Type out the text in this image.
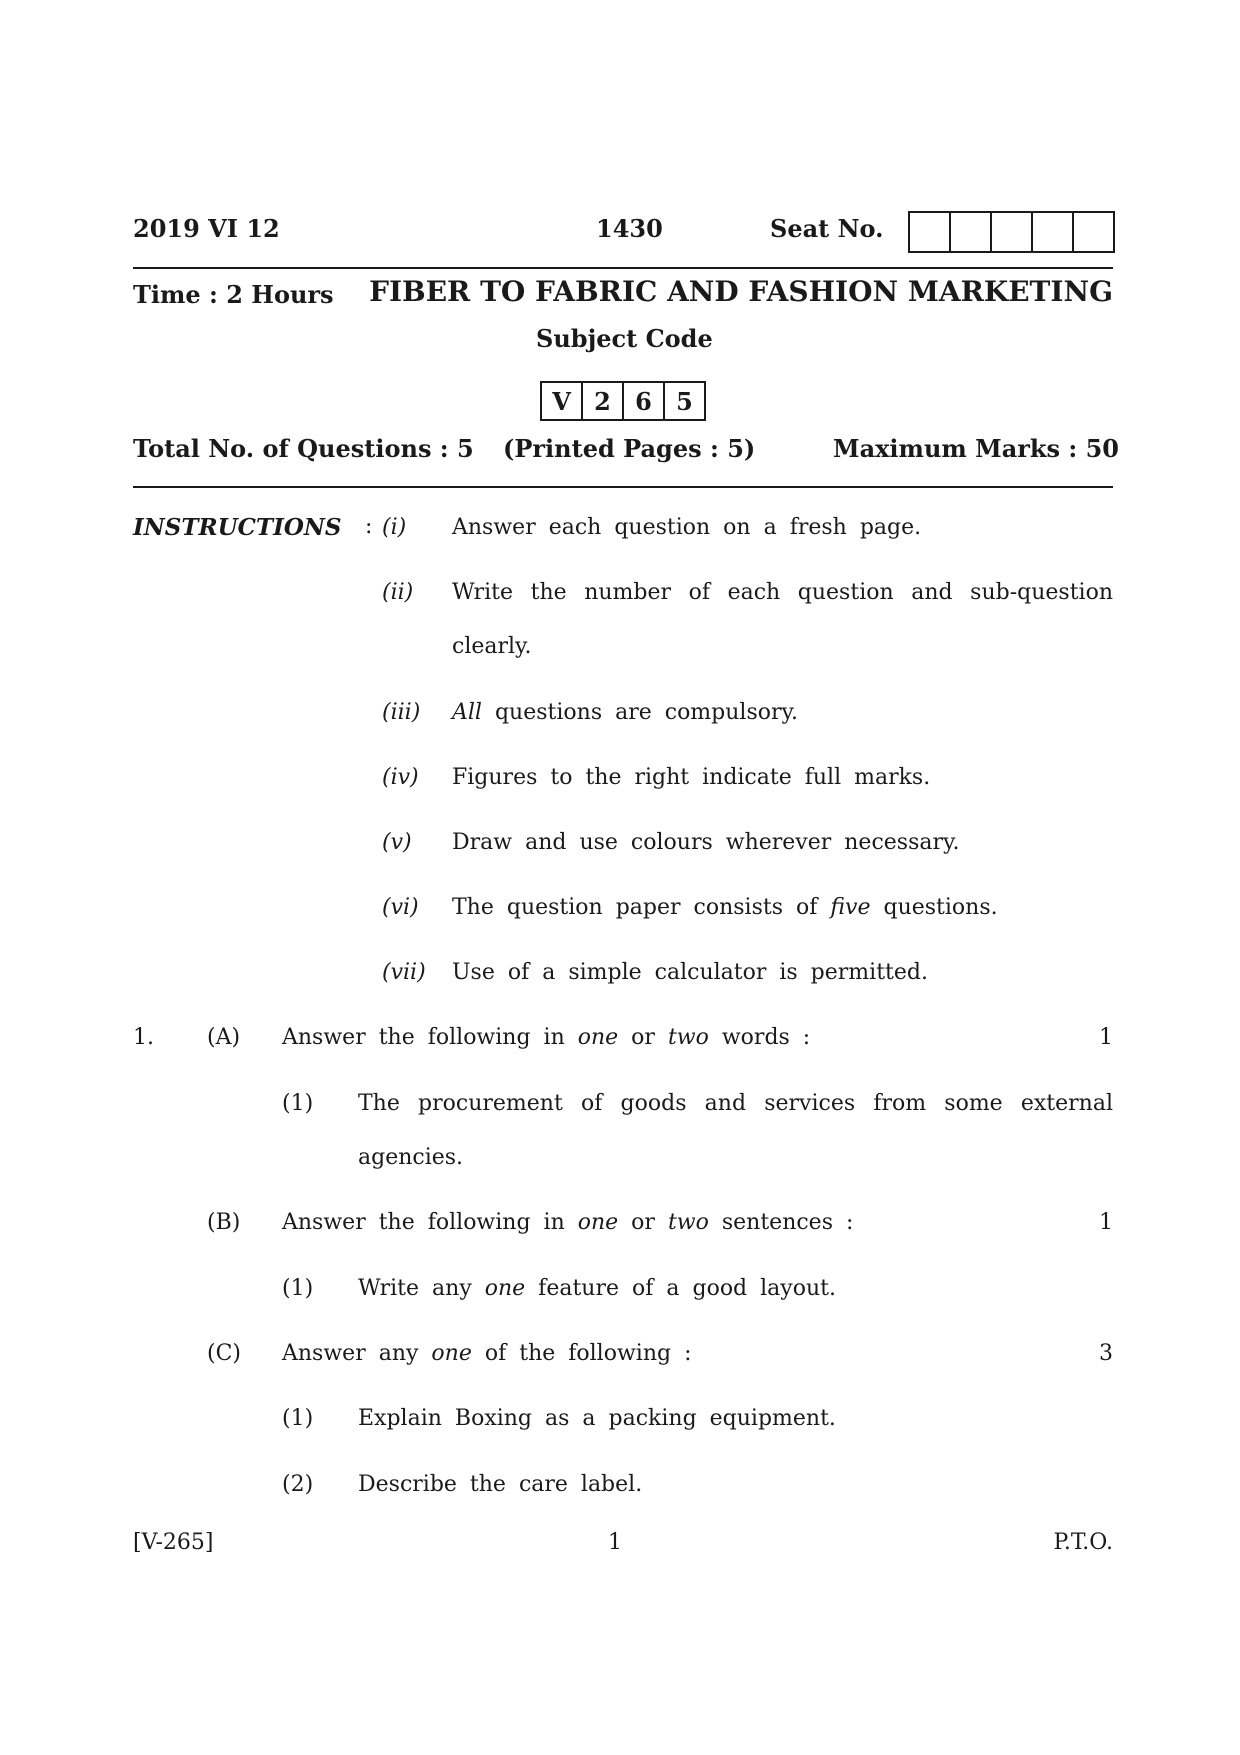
2019 VI 12	1430	Seat No.
Time : 2 Hours FIBER TO FABRIC AND FASHION MARKETING
Subject Code
V 2	6	5
Total No. of Questions : 5 (Printed Pages : 5)	Maximum Marks : 50
INSTRUCTIONS : (i) Answer each question on a fresh page.
(ii) Write the number of each question and sub-question
clearly.
(iii) All questions are compulsory.
(iv) Figures to the right indicate full marks.
(v) Draw and use colours wherever necessary.
(vi) The question paper consists of five questions.
(vii) Use of a simple calculator is permitted.
1. (A) Answer the following in one or two words :	1
(1) The procurement of goods and services from some external
agencies.
(B) Answer the following in one or two sentences :	1
(1) Write any one feature of a good layout.
(C) Answer any one of the following :	3
(1) Explain Boxing as a packing equipment.
(2) Describe the care label.
[V-265]	1	P.T.O.
